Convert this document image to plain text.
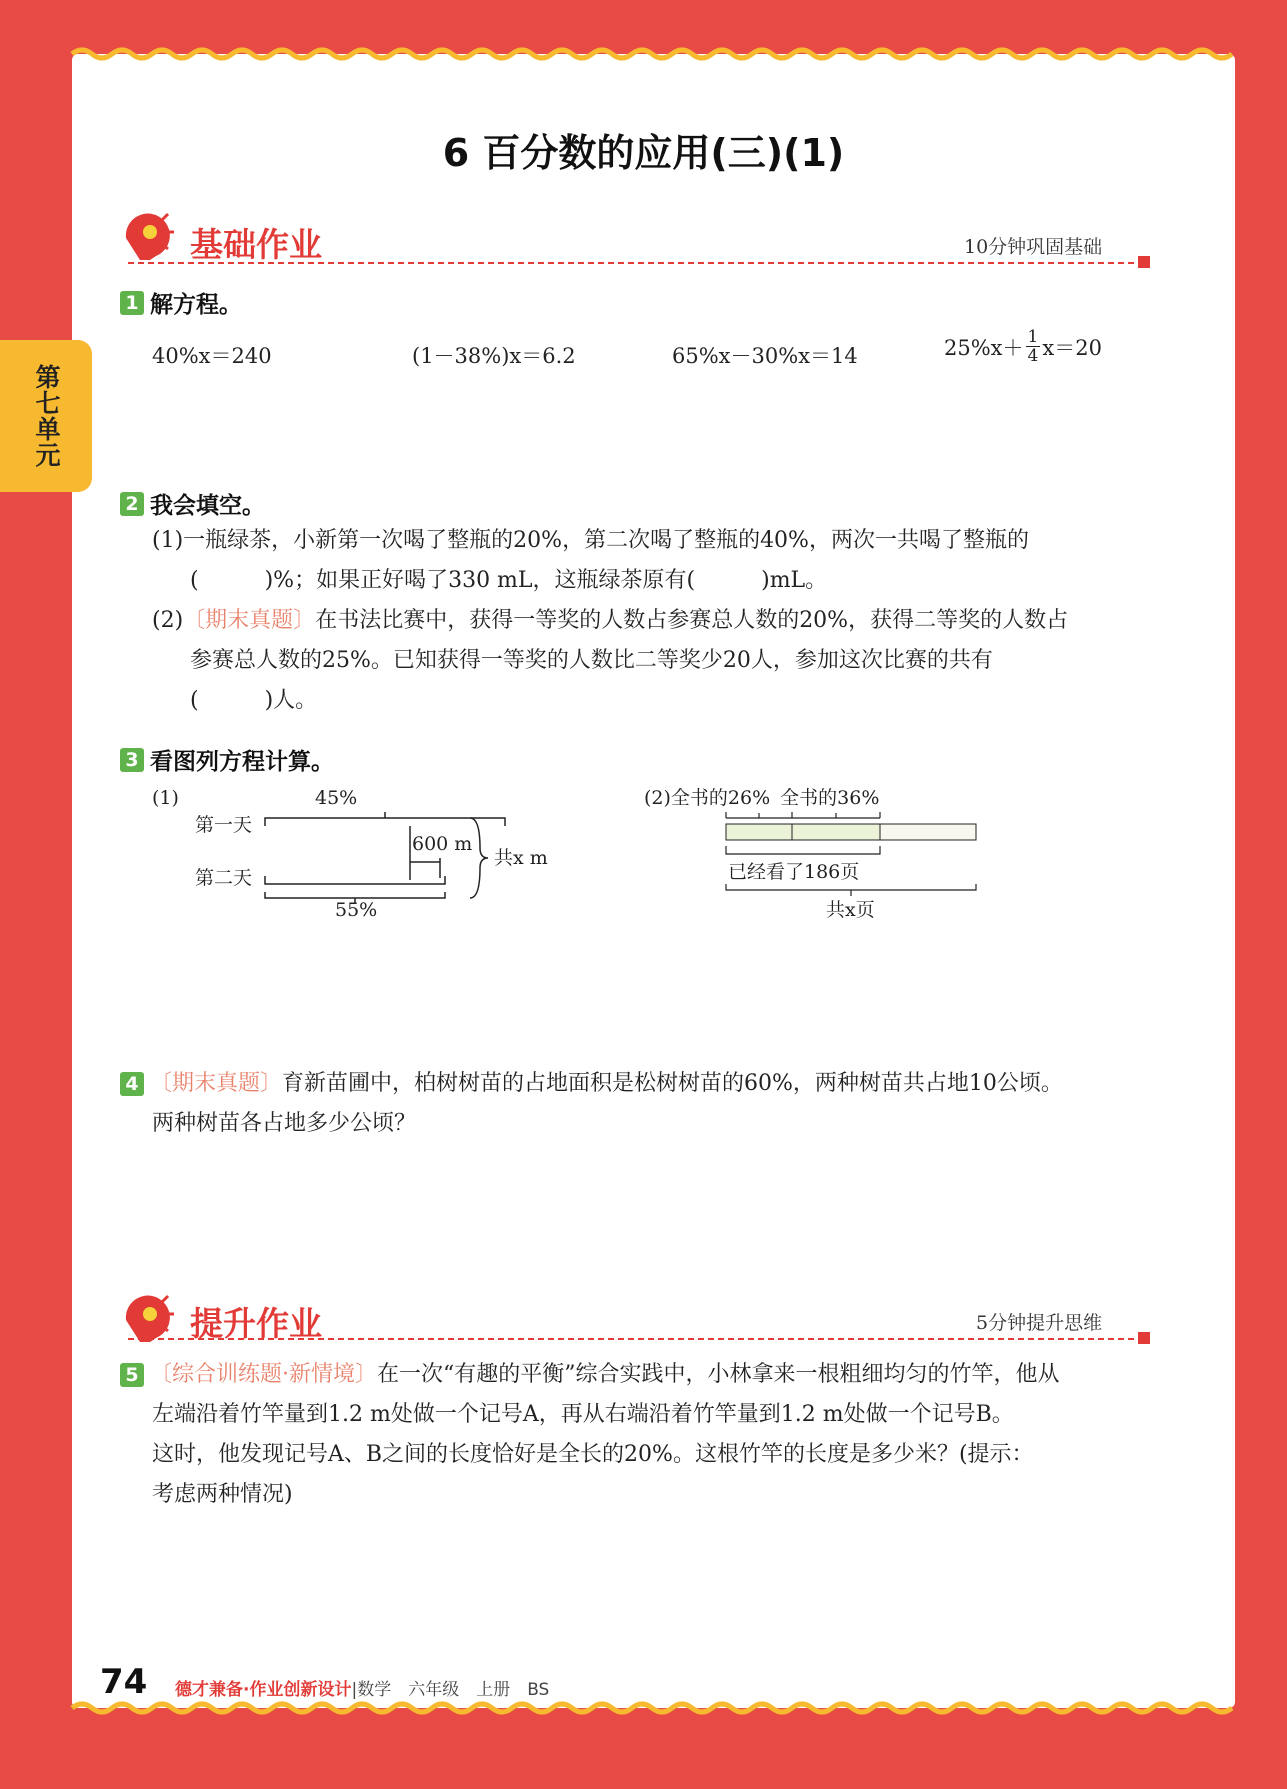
第七单元
6 百分数的应用(三)(1)
基础作业	10分钟巩固基础
1 解方程。
40%x＝240	(1－38%)x＝6.2	65%x－30%x＝14	$25\%x+ \frac{1}{4} x=20$
2 我会填空。
(1)一瓶绿茶，小新第一次喝了整瓶的20%，第二次喝了整瓶的40%，两次一共喝了整瓶的
(　　　)%；如果正好喝了330 mL，这瓶绿茶原有(　　　)mL。
(2)〔期末真题〕在书法比赛中，获得一等奖的人数占参赛总人数的20%，获得二等奖的人数占
参赛总人数的25%。已知获得一等奖的人数比二等奖少20人，参加这次比赛的共有
(　　　)人。
3 看图列方程计算。
(1)	45%
第一天
600 m
共x m
第二天
55%
(2)全书的26% 全书的36%
已经看了186页
共x页
4 〔期末真题〕育新苗圃中，柏树树苗的占地面积是松树树苗的60%，两种树苗共占地10公顷。
两种树苗各占地多少公顷？
提升作业	5分钟提升思维
5 〔综合训练题·新情境〕在一次“有趣的平衡”综合实践中，小林拿来一根粗细均匀的竹竿，他从
左端沿着竹竿量到1.2 m处做一个记号A，再从右端沿着竹竿量到1.2 m处做一个记号B。
这时，他发现记号A、B之间的长度恰好是全长的20%。这根竹竿的长度是多少米？(提示：
考虑两种情况)
74 德才兼备·作业创新设计|数学　六年级　上册　BS
